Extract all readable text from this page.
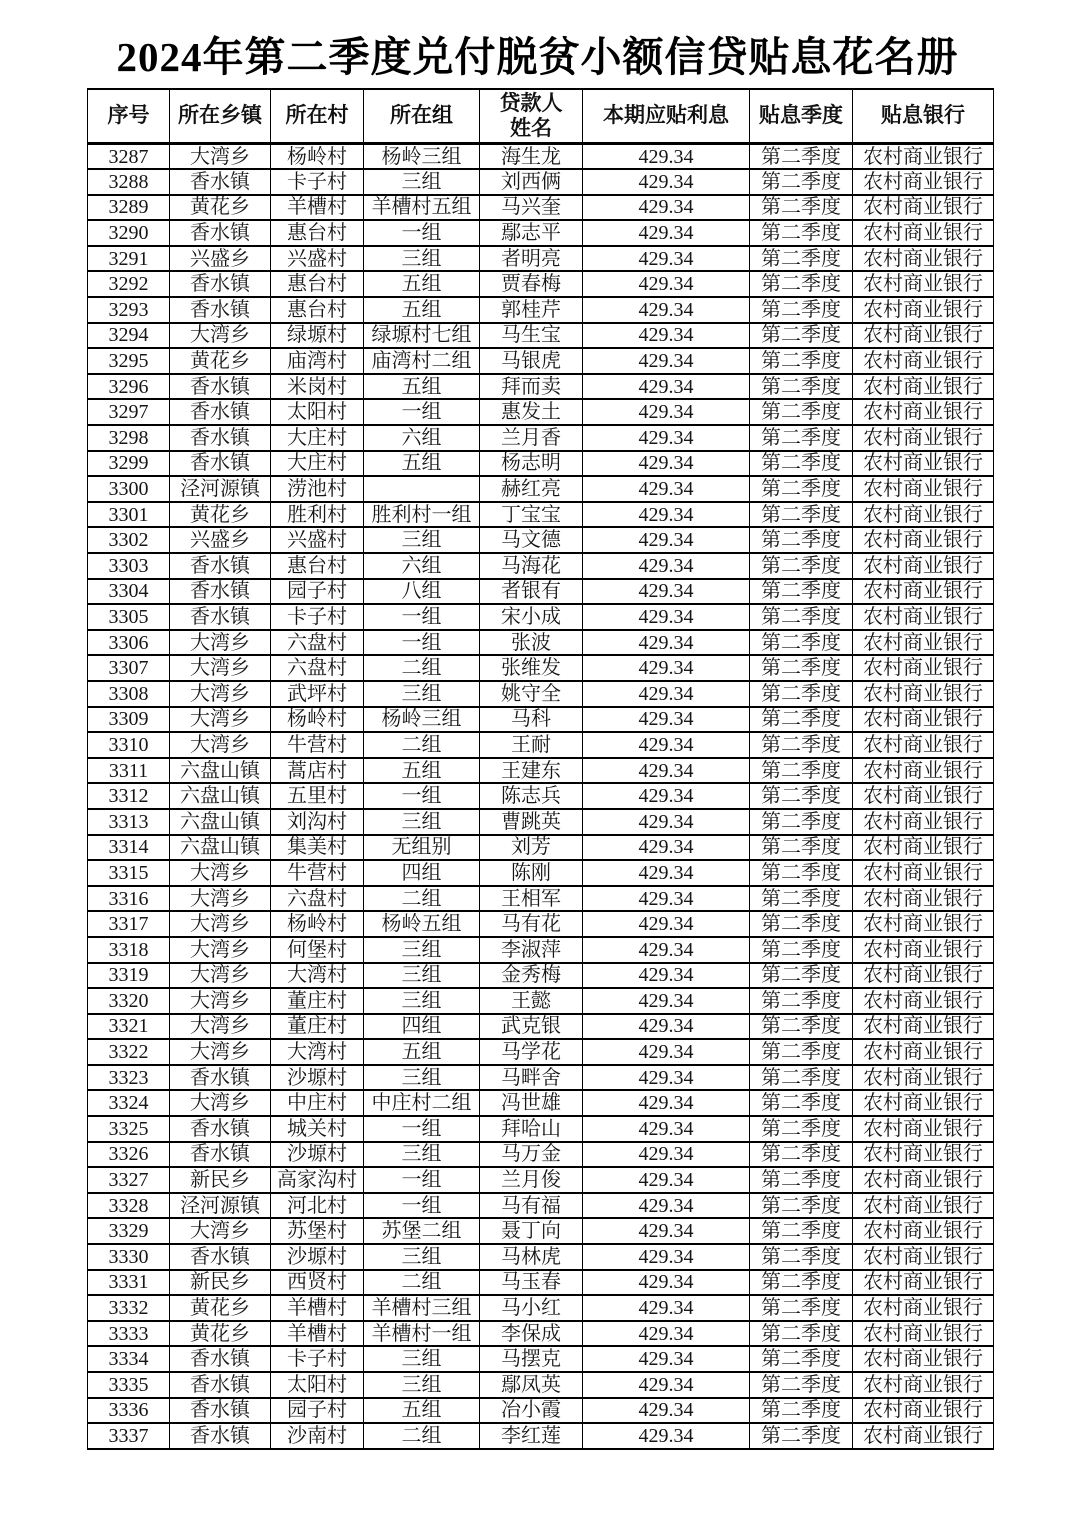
2024年第二季度兑付脱贫小额信贷贴息花名册
序号	所在乡镇	所在村	所在组	贷款人姓名	本期应贴利息	贴息季度	贴息银行
3287	大湾乡	杨岭村	杨岭三组	海生龙	429.34	第二季度	农村商业银行
3288	香水镇	卡子村	三组	刘西俩	429.34	第二季度	农村商业银行
3289	黄花乡	羊槽村	羊槽村五组	马兴奎	429.34	第二季度	农村商业银行
3290	香水镇	惠台村	一组	鄢志平	429.34	第二季度	农村商业银行
3291	兴盛乡	兴盛村	三组	者明亮	429.34	第二季度	农村商业银行
3292	香水镇	惠台村	五组	贾春梅	429.34	第二季度	农村商业银行
3293	香水镇	惠台村	五组	郭桂芹	429.34	第二季度	农村商业银行
3294	大湾乡	绿塬村	绿塬村七组	马生宝	429.34	第二季度	农村商业银行
3295	黄花乡	庙湾村	庙湾村二组	马银虎	429.34	第二季度	农村商业银行
3296	香水镇	米岗村	五组	拜而卖	429.34	第二季度	农村商业银行
3297	香水镇	太阳村	一组	惠发土	429.34	第二季度	农村商业银行
3298	香水镇	大庄村	六组	兰月香	429.34	第二季度	农村商业银行
3299	香水镇	大庄村	五组	杨志明	429.34	第二季度	农村商业银行
3300	泾河源镇	涝池村		赫红亮	429.34	第二季度	农村商业银行
3301	黄花乡	胜利村	胜利村一组	丁宝宝	429.34	第二季度	农村商业银行
3302	兴盛乡	兴盛村	三组	马文德	429.34	第二季度	农村商业银行
3303	香水镇	惠台村	六组	马海花	429.34	第二季度	农村商业银行
3304	香水镇	园子村	八组	者银有	429.34	第二季度	农村商业银行
3305	香水镇	卡子村	一组	宋小成	429.34	第二季度	农村商业银行
3306	大湾乡	六盘村	一组	张波	429.34	第二季度	农村商业银行
3307	大湾乡	六盘村	二组	张维发	429.34	第二季度	农村商业银行
3308	大湾乡	武坪村	三组	姚守全	429.34	第二季度	农村商业银行
3309	大湾乡	杨岭村	杨岭三组	马科	429.34	第二季度	农村商业银行
3310	大湾乡	牛营村	二组	王耐	429.34	第二季度	农村商业银行
3311	六盘山镇	蒿店村	五组	王建东	429.34	第二季度	农村商业银行
3312	六盘山镇	五里村	一组	陈志兵	429.34	第二季度	农村商业银行
3313	六盘山镇	刘沟村	三组	曹跳英	429.34	第二季度	农村商业银行
3314	六盘山镇	集美村	无组别	刘芳	429.34	第二季度	农村商业银行
3315	大湾乡	牛营村	四组	陈刚	429.34	第二季度	农村商业银行
3316	大湾乡	六盘村	二组	王相军	429.34	第二季度	农村商业银行
3317	大湾乡	杨岭村	杨岭五组	马有花	429.34	第二季度	农村商业银行
3318	大湾乡	何堡村	三组	李淑萍	429.34	第二季度	农村商业银行
3319	大湾乡	大湾村	三组	金秀梅	429.34	第二季度	农村商业银行
3320	大湾乡	董庄村	三组	王懿	429.34	第二季度	农村商业银行
3321	大湾乡	董庄村	四组	武克银	429.34	第二季度	农村商业银行
3322	大湾乡	大湾村	五组	马学花	429.34	第二季度	农村商业银行
3323	香水镇	沙塬村	三组	马畔舍	429.34	第二季度	农村商业银行
3324	大湾乡	中庄村	中庄村二组	冯世雄	429.34	第二季度	农村商业银行
3325	香水镇	城关村	一组	拜哈山	429.34	第二季度	农村商业银行
3326	香水镇	沙塬村	三组	马万金	429.34	第二季度	农村商业银行
3327	新民乡	高家沟村	一组	兰月俊	429.34	第二季度	农村商业银行
3328	泾河源镇	河北村	一组	马有福	429.34	第二季度	农村商业银行
3329	大湾乡	苏堡村	苏堡二组	聂丁向	429.34	第二季度	农村商业银行
3330	香水镇	沙塬村	三组	马林虎	429.34	第二季度	农村商业银行
3331	新民乡	西贤村	二组	马玉春	429.34	第二季度	农村商业银行
3332	黄花乡	羊槽村	羊槽村三组	马小红	429.34	第二季度	农村商业银行
3333	黄花乡	羊槽村	羊槽村一组	李保成	429.34	第二季度	农村商业银行
3334	香水镇	卡子村	三组	马摆克	429.34	第二季度	农村商业银行
3335	香水镇	太阳村	三组	鄢凤英	429.34	第二季度	农村商业银行
3336	香水镇	园子村	五组	冶小霞	429.34	第二季度	农村商业银行
3337	香水镇	沙南村	二组	李红莲	429.34	第二季度	农村商业银行
